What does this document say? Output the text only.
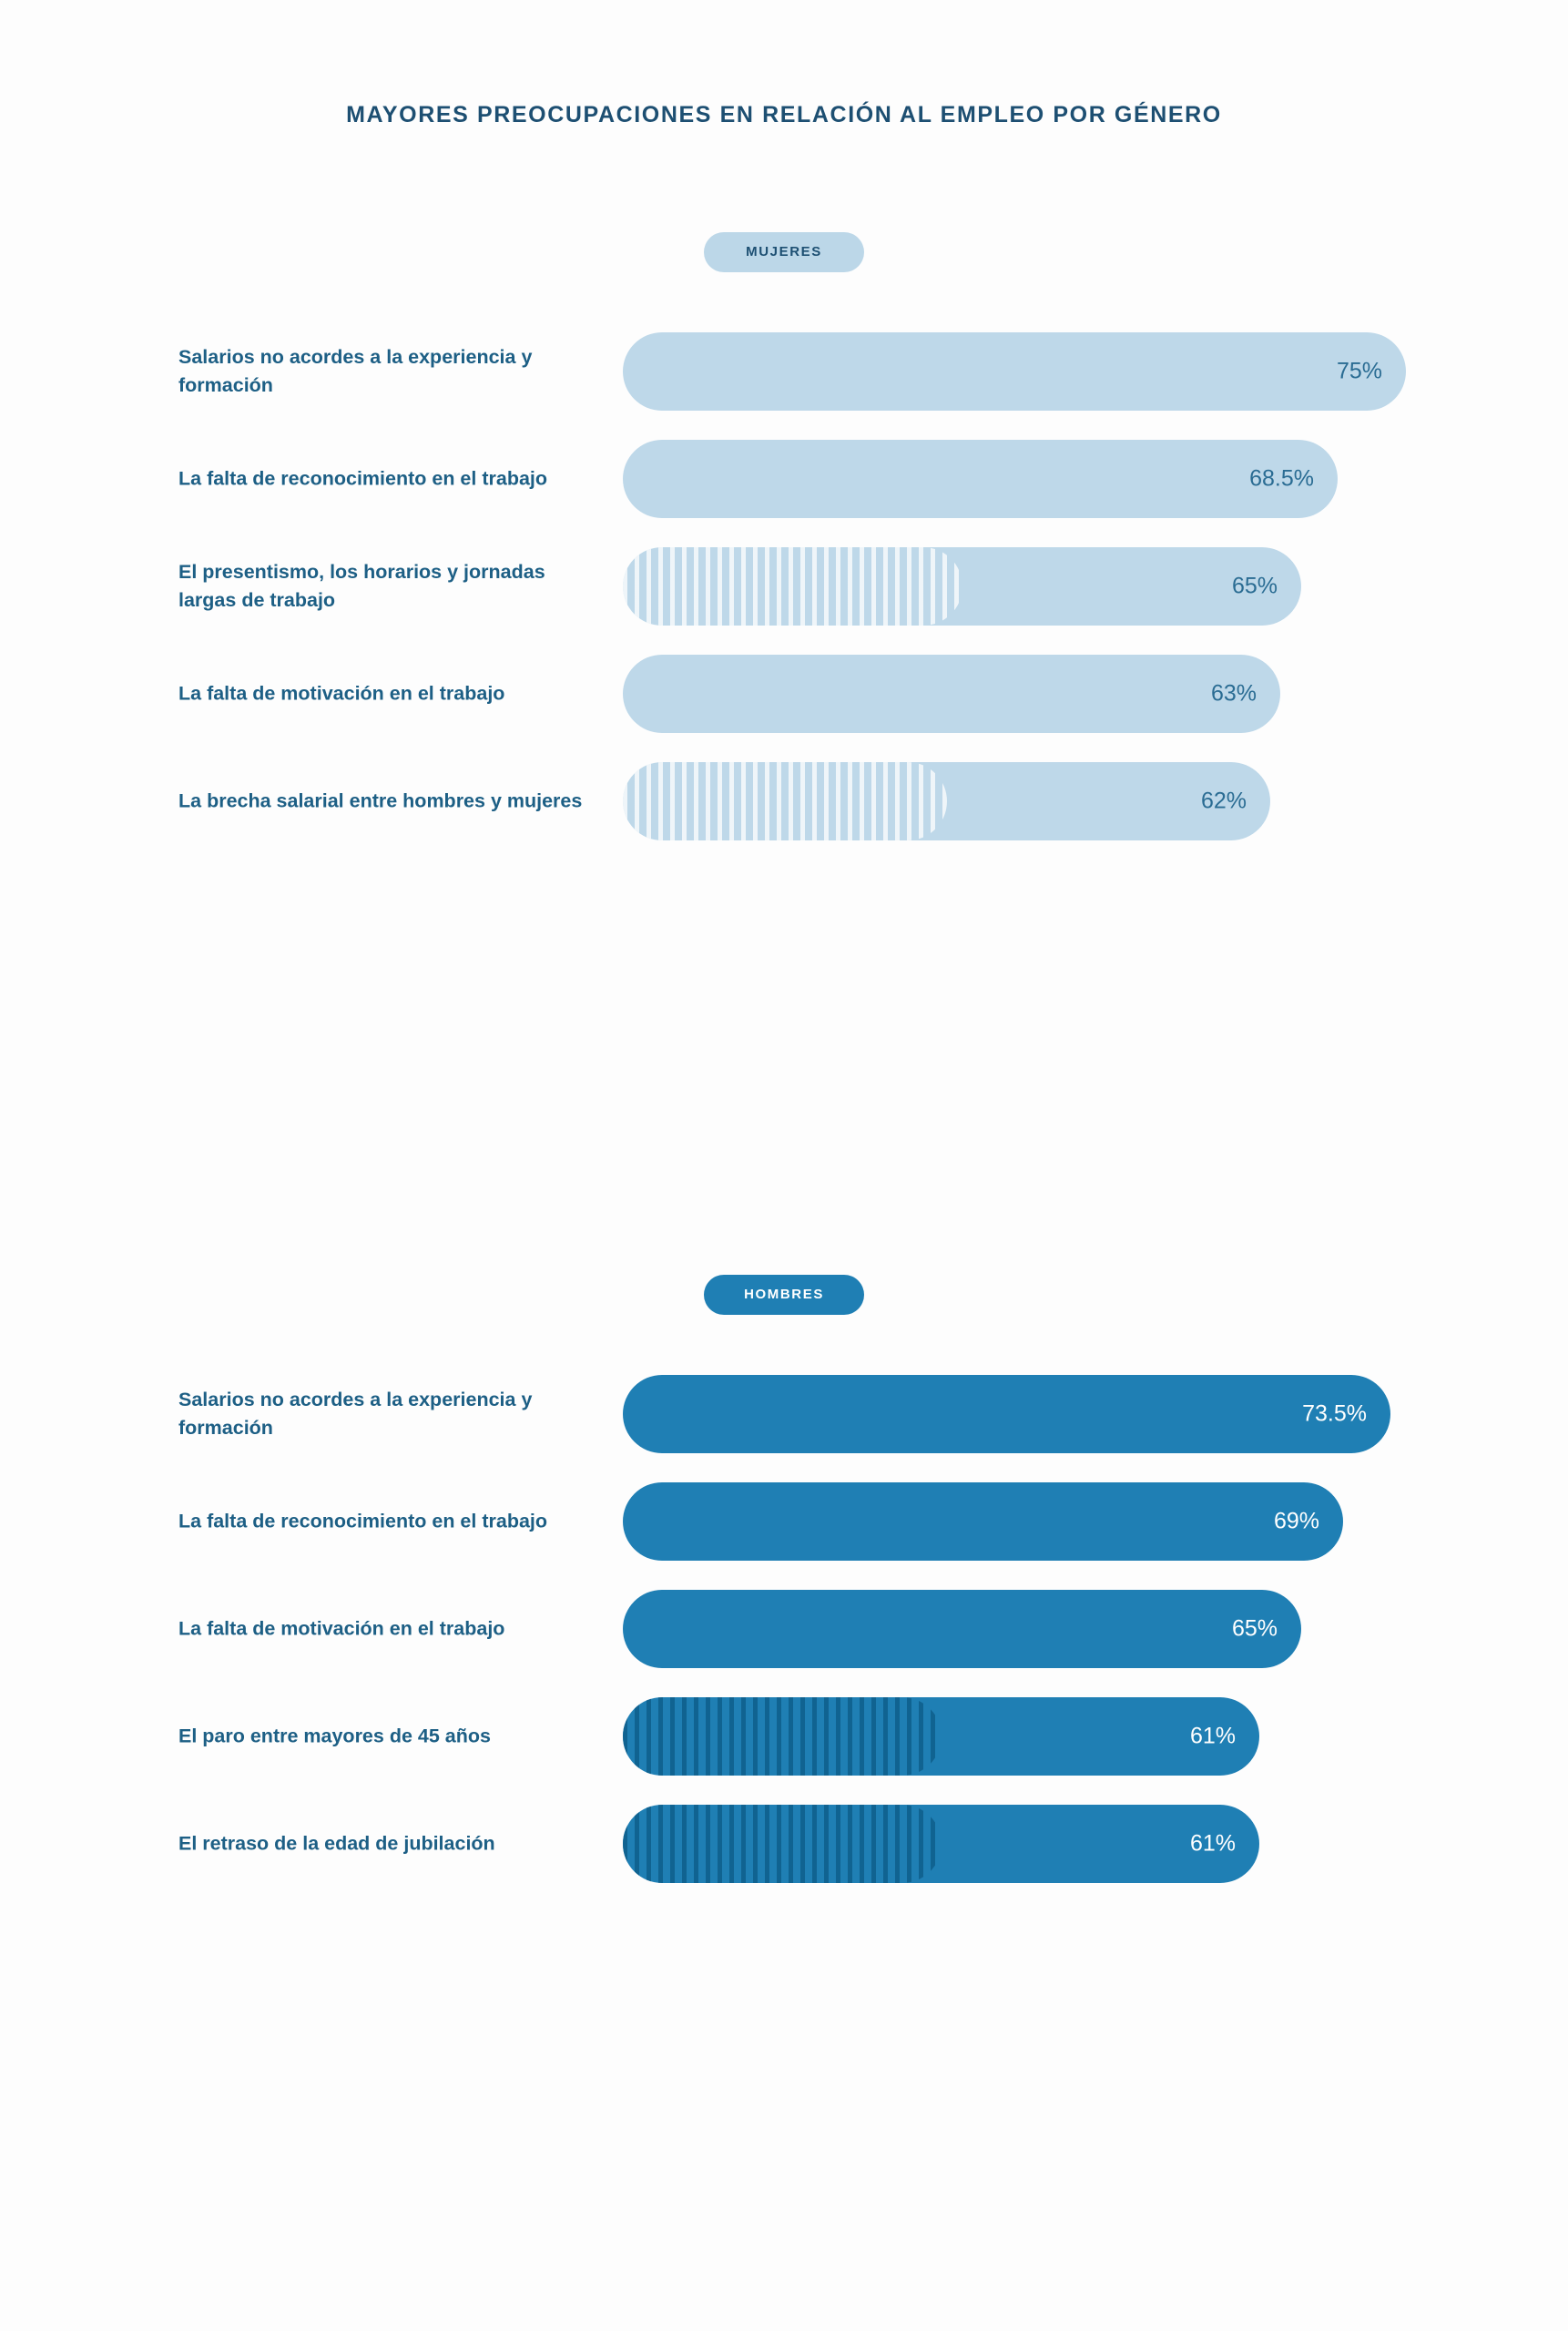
MAYORES PREOCUPACIONES EN RELACIÓN AL EMPLEO POR GÉNERO
MUJERES
Salarios no acordes a la experiencia y formación
75%
La falta de reconocimiento en el trabajo	68.5%
El presentismo, los horarios y jornadas largas de trabajo
65%
La falta de motivación en el trabajo	63%
La brecha salarial entre hombres y mujeres	62%
HOMBRES
Salarios no acordes a la experiencia y formación
73.5%
La falta de reconocimiento en el trabajo	69%
La falta de motivación en el trabajo	65%
El paro entre mayores de 45 años	61%
El retraso de la edad de jubilación	61%
